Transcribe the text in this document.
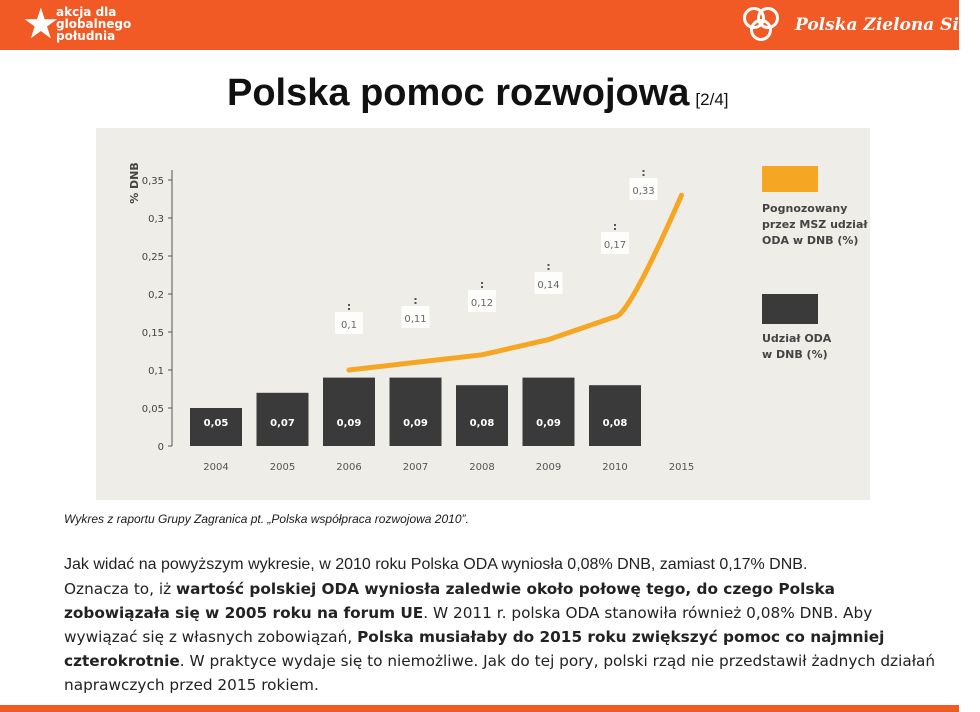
★
akcja dla
globalnego
południa
Polska Zielona Sieć
Polska pomoc rozwojowa [2/4]
% DNB
0
0,05
0,1
0,15
0,2
0,25
0,3
0,35
0,05	0,07	0,09	0,09	0,08	0,09	0,08
2004	2005	2006	2007	2008	2009	2010	2015
0,1
0,11
0,12
0,14
0,17
0,33
Pognozowany
przez MSZ udział
ODA w DNB (%)
Udział ODA
w DNB (%)
Wykres z raportu Grupy Zagranica pt. „Polska współpraca rozwojowa 2010”.

Jak widać na powyższym wykresie, w 2010 roku Polska ODA wyniosła 0,08% DNB, zamiast 0,17% DNB.

Oznacza to, iż wartość polskiej ODA wyniosła zaledwie około połowę tego, do czego Polska zobowiązała się w 2005 roku na forum UE. W 2011 r. polska ODA stanowiła również 0,08% DNB. Aby wywiązać się z własnych zobowiązań, Polska musiałaby do 2015 roku zwiększyć pomoc co najmniej czterokrotnie. W praktyce wydaje się to niemożliwe. Jak do tej pory, polski rząd nie przedstawił żadnych działań naprawczych przed 2015 rokiem.
